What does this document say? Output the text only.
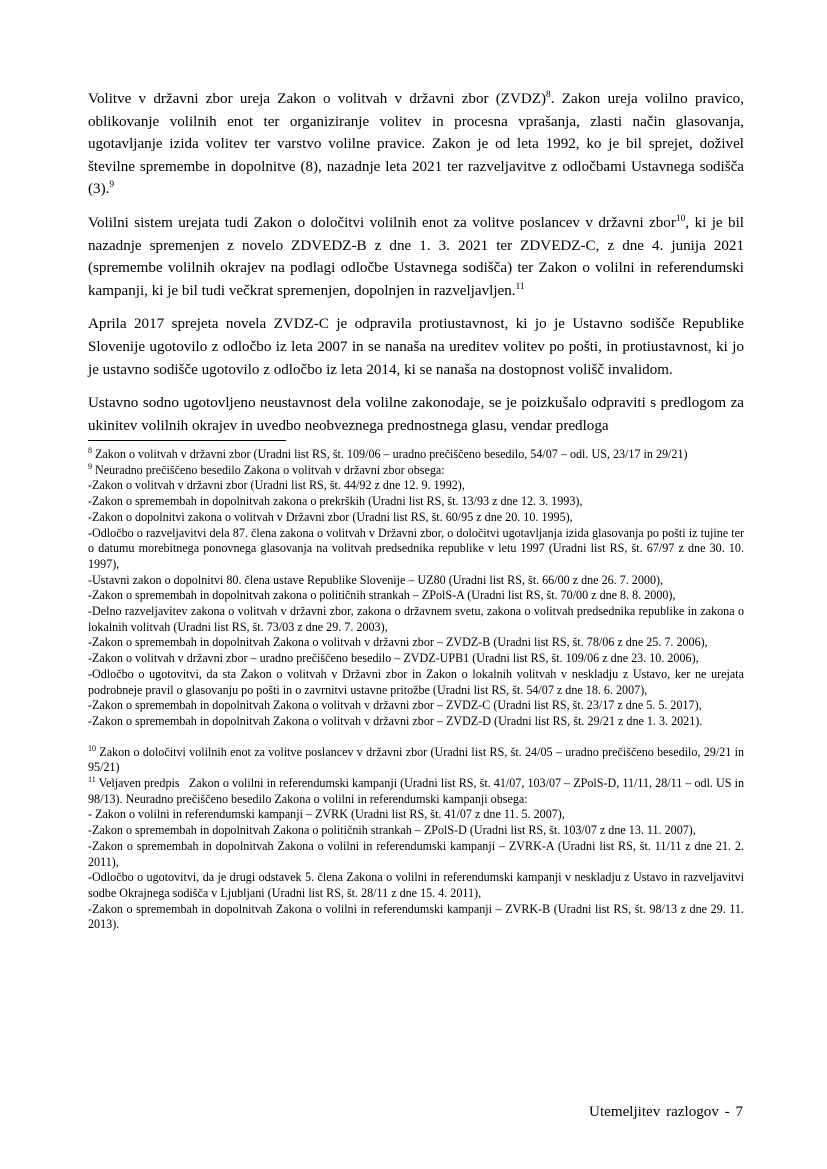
Volitve v državni zbor ureja Zakon o volitvah v državni zbor (ZVDZ)$^8$. Zakon ureja volilno pravico, oblikovanje volilnih enot ter organiziranje volitev in procesna vprašanja, zlasti način glasovanja, ugotavljanje izida volitev ter varstvo volilne pravice. Zakon je od leta 1992, ko je bil sprejet, doživel številne spremembe in dopolnitve (8), nazadnje leta 2021 ter razveljavitve z odločbami Ustavnega sodišča (3).$^9$

Volilni sistem urejata tudi Zakon o določitvi volilnih enot za volitve poslancev v državni zbor$^{10}$, ki je bil nazadnje spremenjen z novelo ZDVEDZ-B z dne 1. 3. 2021 ter ZDVEDZ-C, z dne 4. junija 2021 (spremembe volilnih okrajev na podlagi odločbe Ustavnega sodišča) ter Zakon o volilni in referendumski kampanji, ki je bil tudi večkrat spremenjen, dopolnjen in razveljavljen.$^{11}$

Aprila 2017 sprejeta novela ZVDZ-C je odpravila protiustavnost, ki jo je Ustavno sodišče Republike Slovenije ugotovilo z odločbo iz leta 2007 in se nanaša na ureditev volitev po pošti, in protiustavnost, ki jo je ustavno sodišče ugotovilo z odločbo iz leta 2014, ki se nanaša na dostopnost volišč invalidom.

Ustavno sodno ugotovljeno neustavnost dela volilne zakonodaje, se je poizkušalo odpraviti s predlogom za ukinitev volilnih okrajev in uvedbo neobveznega prednostnega glasu, vendar predloga

$^8$ Zakon o volitvah v državni zbor (Uradni list RS, št. 109/06 – uradno prečiščeno besedilo, 54/07 – odl. US, 23/17 in 29/21)

$^9$ Neuradno prečiščeno besedilo Zakona o volitvah v državni zbor obsega:

-Zakon o volitvah v državni zbor (Uradni list RS, št. 44/92 z dne 12. 9. 1992),

-Zakon o spremembah in dopolnitvah zakona o prekrških (Uradni list RS, št. 13/93 z dne 12. 3. 1993),

-Zakon o dopolnitvi zakona o volitvah v Državni zbor (Uradni list RS, št. 60/95 z dne 20. 10. 1995),

-Odločbo o razveljavitvi dela 87. člena zakona o volitvah v Državni zbor, o določitvi ugotavljanja izida glasovanja po pošti iz tujine ter o datumu morebitnega ponovnega glasovanja na volitvah predsednika republike v letu 1997 (Uradni list RS, št. 67/97 z dne 30. 10. 1997),

-Ustavni zakon o dopolnitvi 80. člena ustave Republike Slovenije – UZ80 (Uradni list RS, št. 66/00 z dne 26. 7. 2000),

-Zakon o spremembah in dopolnitvah zakona o političnih strankah – ZPolS-A (Uradni list RS, št. 70/00 z dne 8. 8. 2000),

-Delno razveljavitev zakona o volitvah v državni zbor, zakona o državnem svetu, zakona o volitvah predsednika republike in zakona o lokalnih volitvah (Uradni list RS, št. 73/03 z dne 29. 7. 2003),

-Zakon o spremembah in dopolnitvah Zakona o volitvah v državni zbor – ZVDZ-B (Uradni list RS, št. 78/06 z dne 25. 7. 2006),

-Zakon o volitvah v državni zbor – uradno prečiščeno besedilo – ZVDZ-UPB1 (Uradni list RS, št. 109/06 z dne 23. 10. 2006),

-Odločbo o ugotovitvi, da sta Zakon o volitvah v Državni zbor in Zakon o lokalnih volitvah v neskladju z Ustavo, ker ne urejata podrobneje pravil o glasovanju po pošti in o zavrnitvi ustavne pritožbe (Uradni list RS, št. 54/07 z dne 18. 6. 2007),

-Zakon o spremembah in dopolnitvah Zakona o volitvah v državni zbor – ZVDZ-C (Uradni list RS, št. 23/17 z dne 5. 5. 2017),

-Zakon o spremembah in dopolnitvah Zakona o volitvah v državni zbor – ZVDZ-D (Uradni list RS, št. 29/21 z dne 1. 3. 2021).

$^{10}$ Zakon o določitvi volilnih enot za volitve poslancev v državni zbor (Uradni list RS, št. 24/05 – uradno prečiščeno besedilo, 29/21 in 95/21)

$^{11}$ Veljaven predpis   Zakon o volilni in referendumski kampanji (Uradni list RS, št. 41/07, 103/07 – ZPolS-D, 11/11, 28/11 – odl. US in 98/13). Neuradno prečiščeno besedilo Zakona o volilni in referendumski kampanji obsega:

- Zakon o volilni in referendumski kampanji – ZVRK (Uradni list RS, št. 41/07 z dne 11. 5. 2007),

-Zakon o spremembah in dopolnitvah Zakona o političnih strankah – ZPolS-D (Uradni list RS, št. 103/07 z dne 13. 11. 2007),

-Zakon o spremembah in dopolnitvah Zakona o volilni in referendumski kampanji – ZVRK-A (Uradni list RS, št. 11/11 z dne 21. 2. 2011),

-Odločbo o ugotovitvi, da je drugi odstavek 5. člena Zakona o volilni in referendumski kampanji v neskladju z Ustavo in razveljavitvi sodbe Okrajnega sodišča v Ljubljani (Uradni list RS, št. 28/11 z dne 15. 4. 2011),

-Zakon o spremembah in dopolnitvah Zakona o volilni in referendumski kampanji – ZVRK-B (Uradni list RS, št. 98/13 z dne 29. 11. 2013).

Utemeljitev razlogov - 7
